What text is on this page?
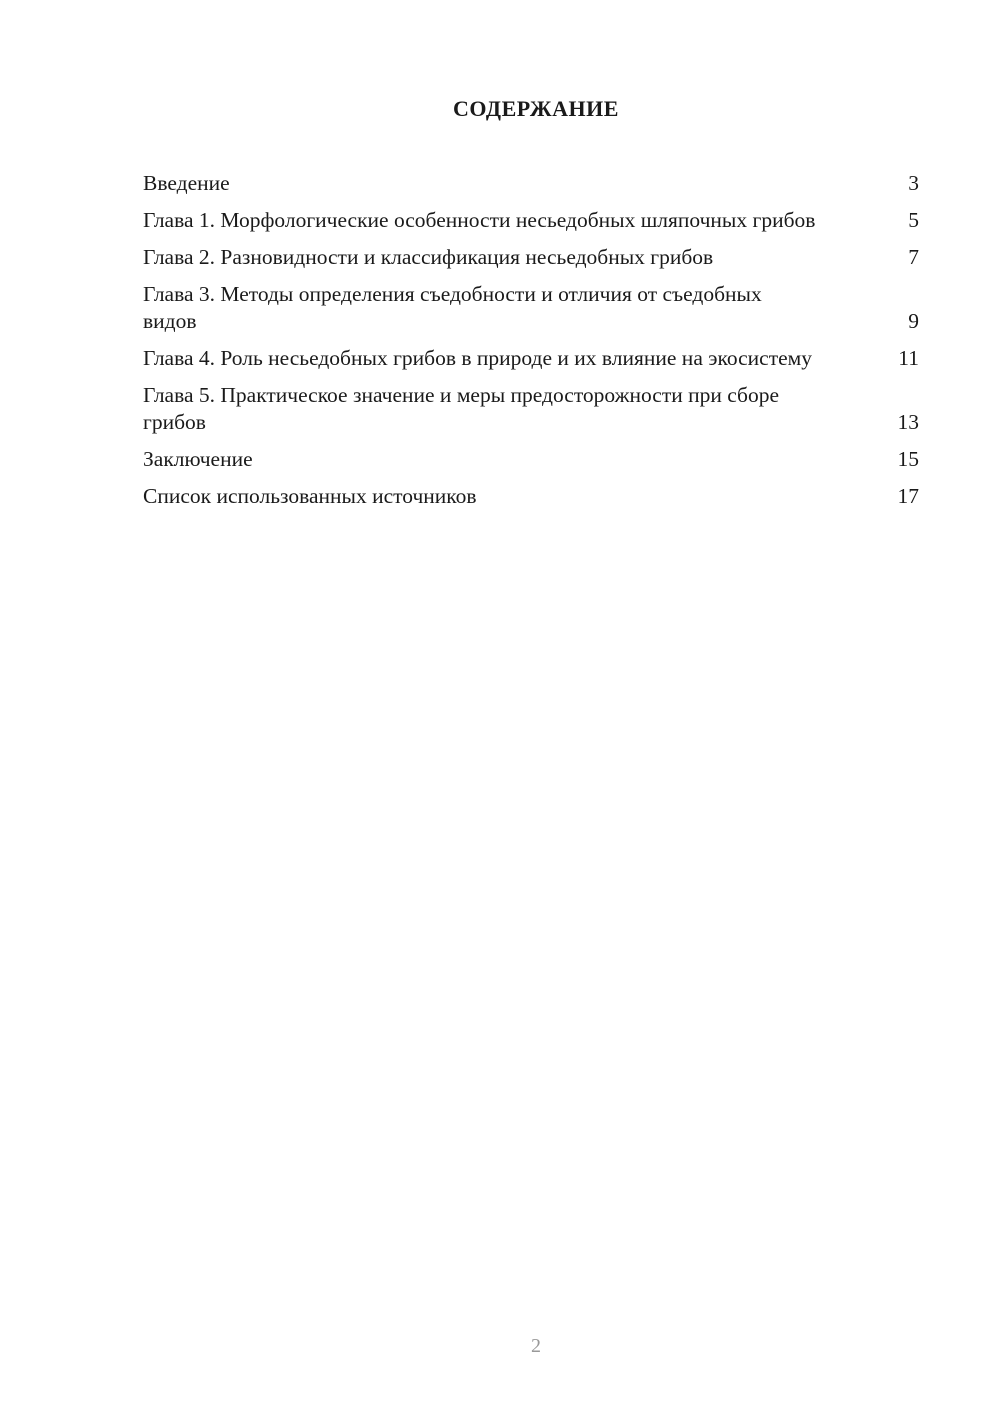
СОДЕРЖАНИЕ
Введение	3
Глава 1. Морфологические особенности несьедобных шляпочных грибов	5
Глава 2. Разновидности и классификация несьедобных грибов	7
Глава 3. Методы определения съедобности и отличия от съедобных видов	9
Глава 4. Роль несьедобных грибов в природе и их влияние на экосистему	11
Глава 5. Практическое значение и меры предосторожности при сборе грибов	13
Заключение	15
Список использованных источников	17
2
